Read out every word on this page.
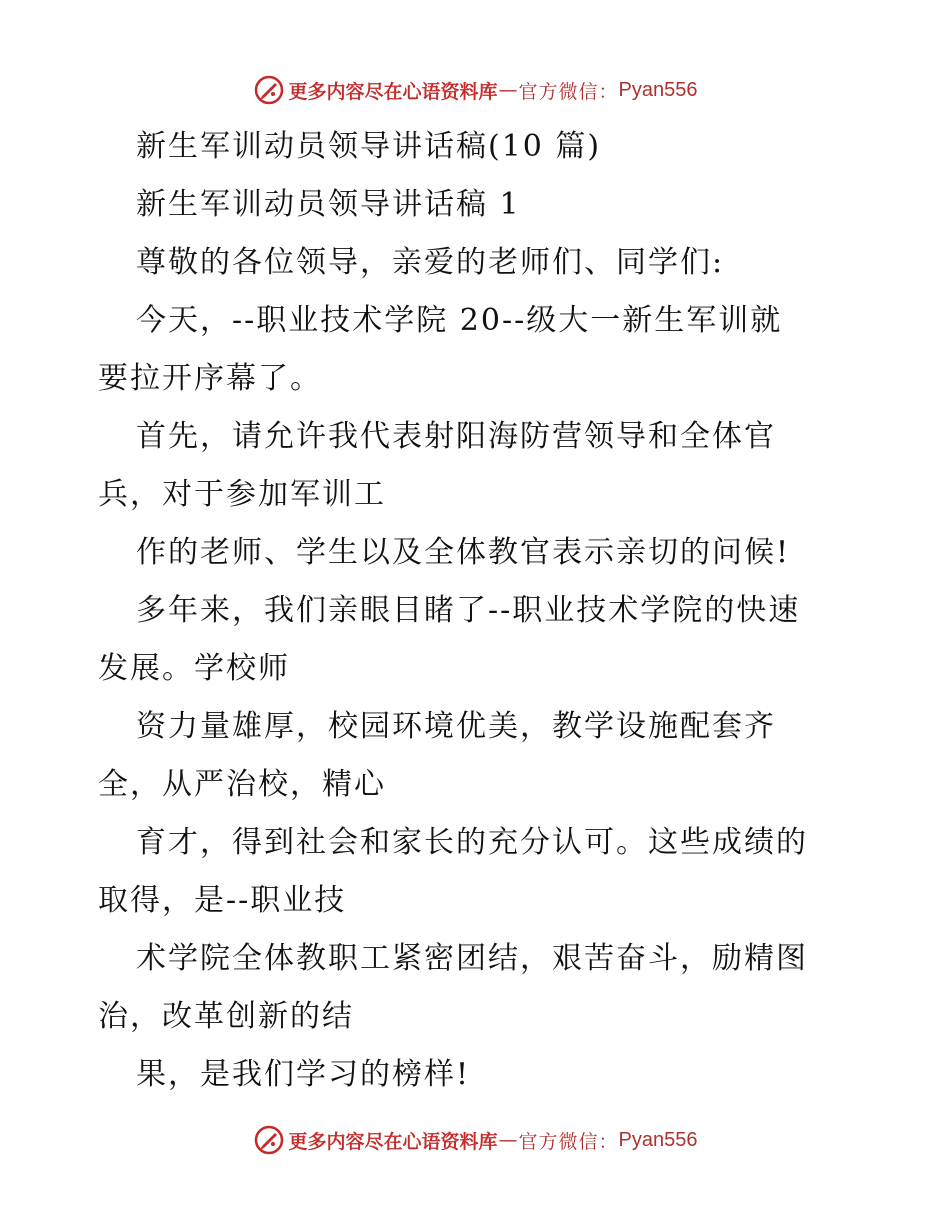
更多内容尽在心语资料库 — 官方微信： Pyan556

新生军训动员领导讲话稿(10 篇)

新生军训动员领导讲话稿 1

尊敬的各位领导，亲爱的老师们、同学们:

今天，--职业技术学院 20--级大一新生军训就

要拉开序幕了。

首先，请允许我代表射阳海防营领导和全体官

兵，对于参加军训工

作的老师、学生以及全体教官表示亲切的问候!

多年来，我们亲眼目睹了--职业技术学院的快速

发展。学校师

资力量雄厚，校园环境优美，教学设施配套齐

全，从严治校，精心

育才，得到社会和家长的充分认可。这些成绩的

取得，是--职业技

术学院全体教职工紧密团结，艰苦奋斗，励精图

治，改革创新的结

果，是我们学习的榜样!

更多内容尽在心语资料库 — 官方微信： Pyan556
